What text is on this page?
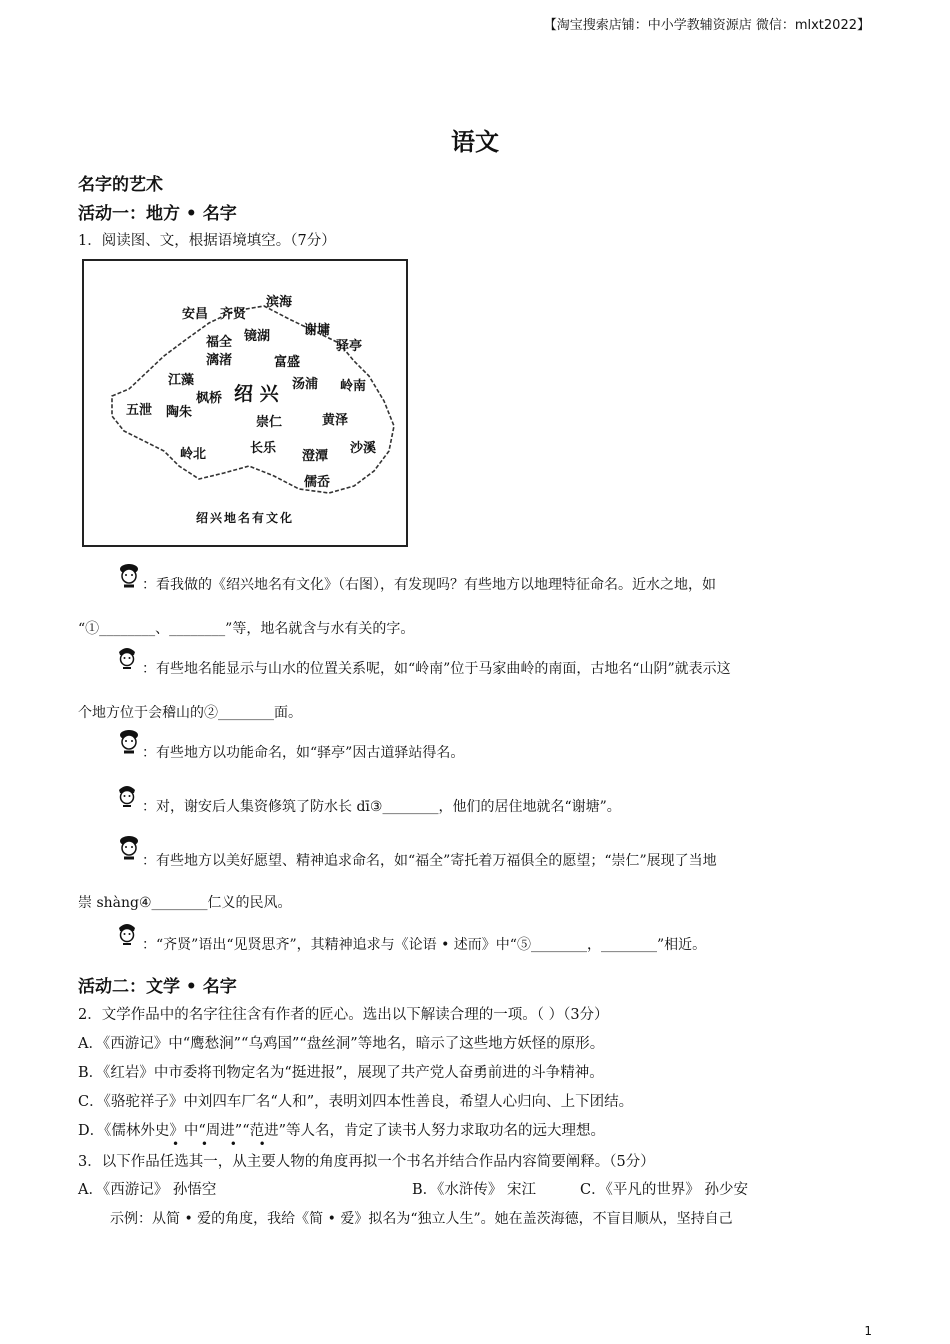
【淘宝搜索店铺：中小学教辅资源店 微信：mlxt2022】
语文
名字的艺术
活动一：地方 • 名字
1．阅读图、文，根据语境填空。（7分）
安昌 齐贤
滨海
福全 镜湖	谢墉
驿亭
漓渚	富盛
江藻	汤浦 岭南
枫桥 绍 兴
五泄 陶朱
崇仁	黄泽
岭北	长乐
澄潭
沙溪
儒岙
绍兴地名有文化
：看我做的《绍兴地名有文化》（右图），有发现吗？有些地方以地理特征命名。近水之地，如
“①________、________”等，地名就含与水有关的字。
：有些地名能显示与山水的位置关系呢，如“岭南”位于马家曲岭的南面，古地名“山阴”就表示这
个地方位于会稽山的②________面。
：有些地方以功能命名，如“驿亭”因古道驿站得名。
：对，谢安后人集资修筑了防水长 dī③________，他们的居住地就名“谢塘”。
：有些地方以美好愿望、精神追求命名，如“福全”寄托着万福俱全的愿望；“崇仁”展现了当地
崇 shàng④________仁义的民风。
：“齐贤”语出“见贤思齐”，其精神追求与《论语 • 述而》中“⑤________，________”相近。
活动二：文学 • 名字
2．文学作品中的名字往往含有作者的匠心。选出以下解读合理的一项。（ ）（3分）
A．《西游记》中“鹰愁涧”“乌鸡国”“盘丝洞”等地名，暗示了这些地方妖怪的原形。
B．《红岩》中市委将刊物定名为“挺进报”，展现了共产党人奋勇前进的斗争精神。
C．《骆驼祥子》中刘四车厂名“人和”，表明刘四本性善良，希望人心归向、上下团结。
D．《儒林外史》中“周进”“范进”等人名，肯定了读书人努力求取功名的远大理想。
• • • •
3．以下作品任选其一，从主要人物的角度再拟一个书名并结合作品内容简要阐释。（5分）
A．《西游记》 孙悟空	B．《水浒传》 宋江	C．《平凡的世界》 孙少安
示例：从简 • 爱的角度，我给《简 • 爱》拟名为“独立人生”。她在盖茨海德，不盲目顺从，坚持自己
1
